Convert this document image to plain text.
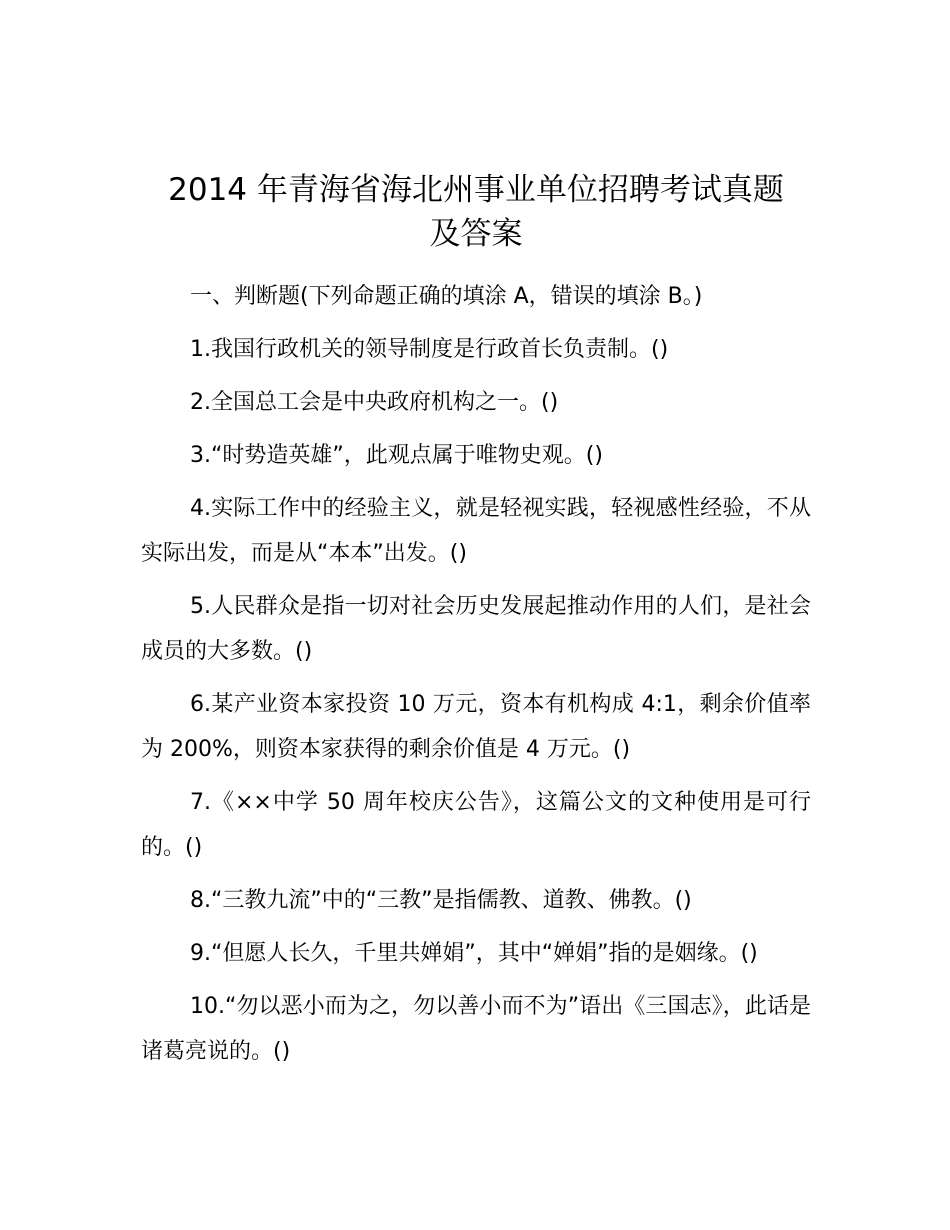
2014 年青海省海北州事业单位招聘考试真题
及答案

一、判断题(下列命题正确的填涂 A，错误的填涂 B。)

1.我国行政机关的领导制度是行政首长负责制。()

2.全国总工会是中央政府机构之一。()

3.“时势造英雄”，此观点属于唯物史观。()

4.实际工作中的经验主义，就是轻视实践，轻视感性经验，不从实际出发，而是从“本本”出发。()

5.人民群众是指一切对社会历史发展起推动作用的人们，是社会成员的大多数。()

6.某产业资本家投资 10 万元，资本有机构成 4:1，剩余价值率为 200%，则资本家获得的剩余价值是 4 万元。()

7.《××中学 50 周年校庆公告》，这篇公文的文种使用是可行的。()

8.“三教九流”中的“三教”是指儒教、道教、佛教。()

9.“但愿人长久，千里共婵娟”，其中“婵娟”指的是姻缘。()

10.“勿以恶小而为之，勿以善小而不为”语出《三国志》，此话是诸葛亮说的。()
